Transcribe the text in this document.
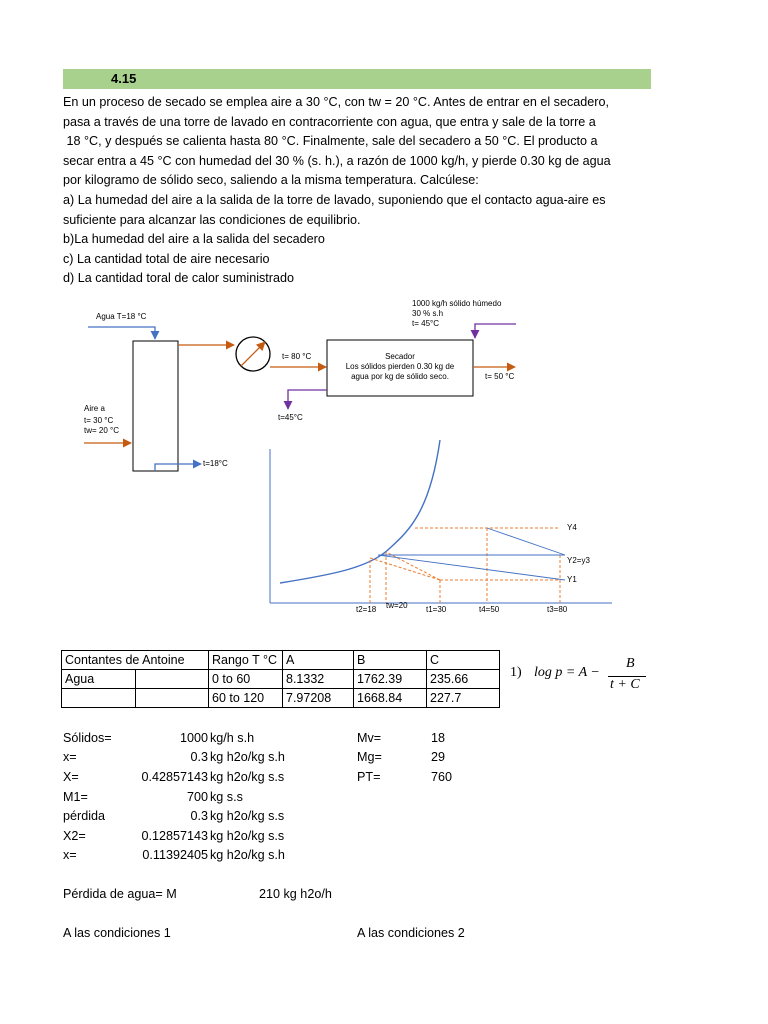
4.15
En un proceso de secado se emplea aire a 30 °C, con tw = 20 °C. Antes de entrar en el secadero,
pasa a través de una torre de lavado en contracorriente con agua, que entra y sale de la torre a
18 °C, y después se calienta hasta 80 °C. Finalmente, sale del secadero a 50 °C. El producto a
secar entra a 45 °C con humedad del 30 % (s. h.), a razón de 1000 kg/h, y pierde 0.30 kg de agua
por kilogramo de sólido seco, saliendo a la misma temperatura. Calcúlese:
a) La humedad del aire a la salida de la torre de lavado, suponiendo que el contacto agua-aire es
suficiente para alcanzar las condiciones de equilibrio.
b)La humedad del aire a la salida del secadero
c) La cantidad total de aire necesario
d) La cantidad toral de calor suministrado
Agua T=18 °C
Aire a
t= 30 °C
tw= 20 °C
t=18°C
t= 80 °C	Secador
Los sólidos pierden 0.30 kg de
agua por kg de sólido seco.	t= 50 °C
1000 kg/h sólido húmedo
30 % s.h
t= 45°C
t=45°C
Y4
Y2=y3
Y1
t2=18 tw=20 t1=30	t4=50	t3=80
Contantes de Antoine		Rango T °C	A	B	C
Agua		0 to 60	8.1332	1762.39	235.66
		60 to 120	7.97208	1668.84	227.7
1) log p = A −
B
t + C
Sólidos=	1000 kg/h s.h
x=	0.3 kg h2o/kg s.h
X=	0.42857143 kg h2o/kg s.s
M1=	700 kg s.s
pérdida	0.3 kg h2o/kg s.s
X2=	0.12857143 kg h2o/kg s.s
x=	0.11392405 kg h2o/kg s.h
Mv=	18
Mg=	29
PT=	760
Pérdida de agua= M	210 kg h2o/h
A las condiciones 1	A las condiciones 2
